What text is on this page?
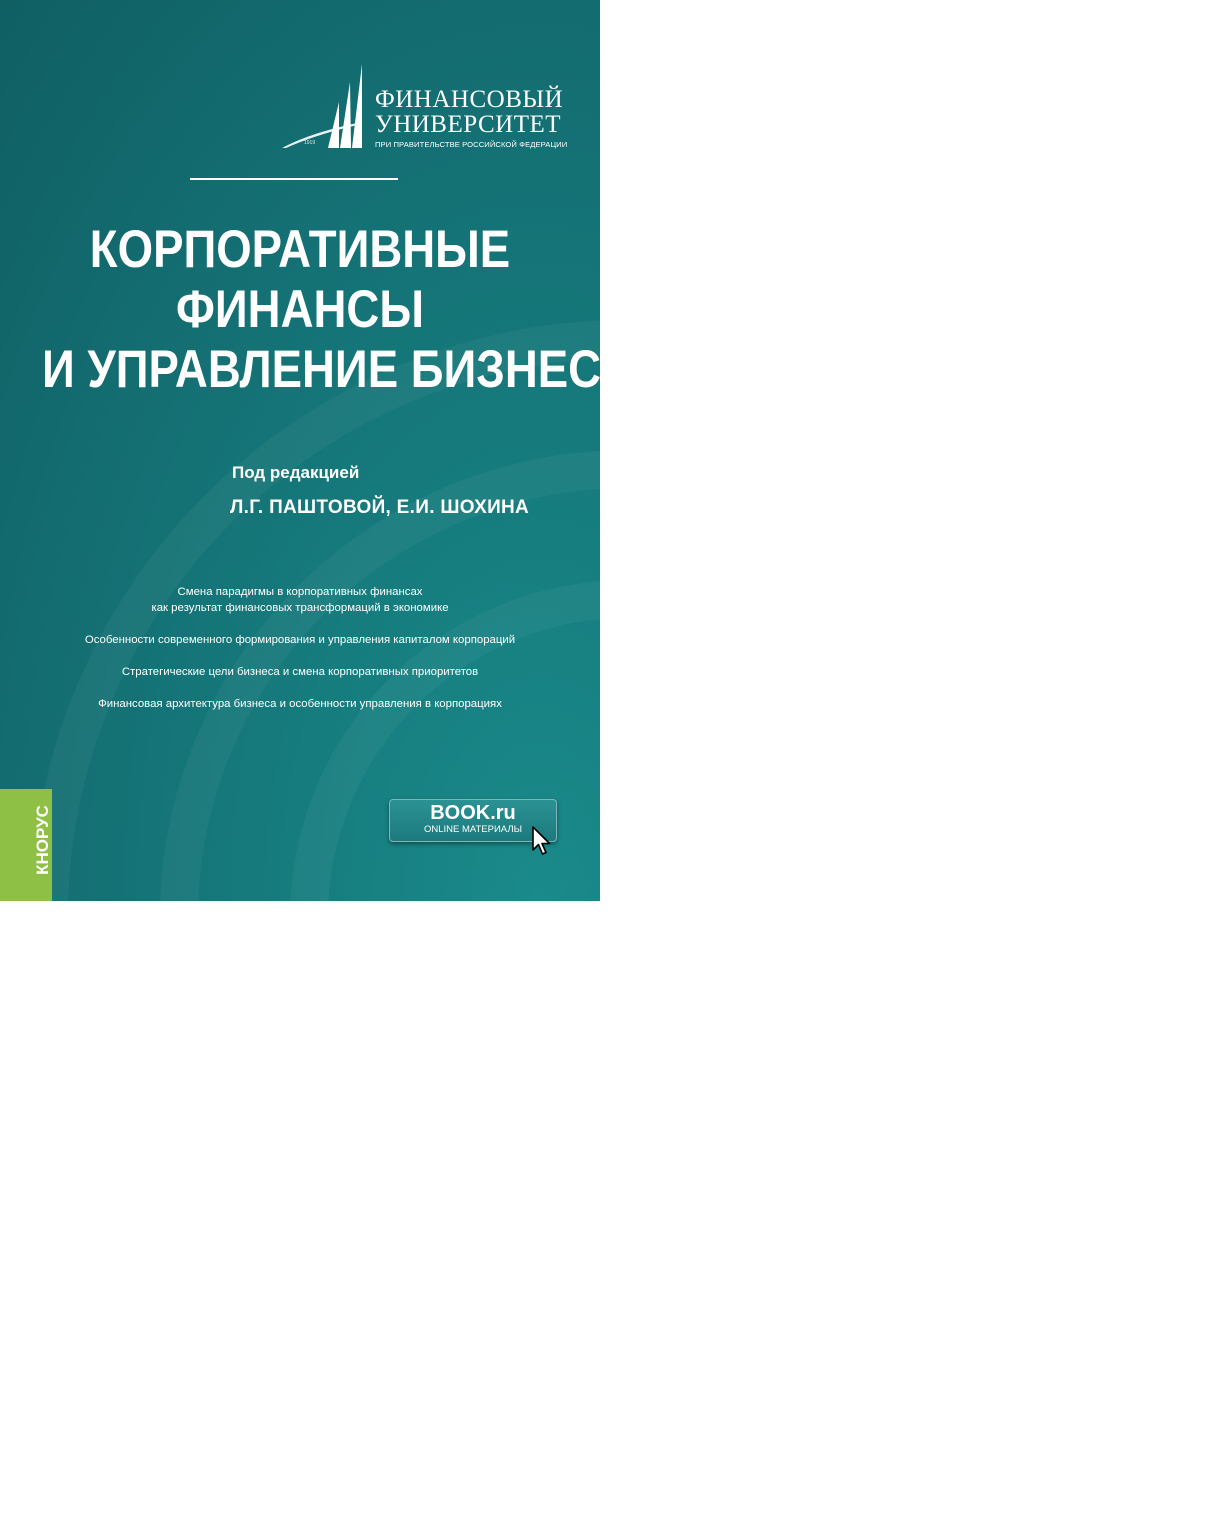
1919
ФИНАНСОВЫЙ
УНИВЕРСИТЕТ
ПРИ ПРАВИТЕЛЬСТВЕ РОССИЙСКОЙ ФЕДЕРАЦИИ
КОРПОРАТИВНЫЕ
ФИНАНСЫ
И УПРАВЛЕНИЕ БИЗНЕСОМ
Под редакцией
Л.Г. ПАШТОВОЙ, Е.И. ШОХИНА
Смена парадигмы в корпоративных финансах
как результат финансовых трансформаций в экономике
Особенности современного формирования и управления капиталом корпораций
Стратегические цели бизнеса и смена корпоративных приоритетов
Финансовая архитектура бизнеса и особенности управления в корпорациях
КНОРУС	BOOK.ru
ONLINE МАТЕРИАЛЫ
